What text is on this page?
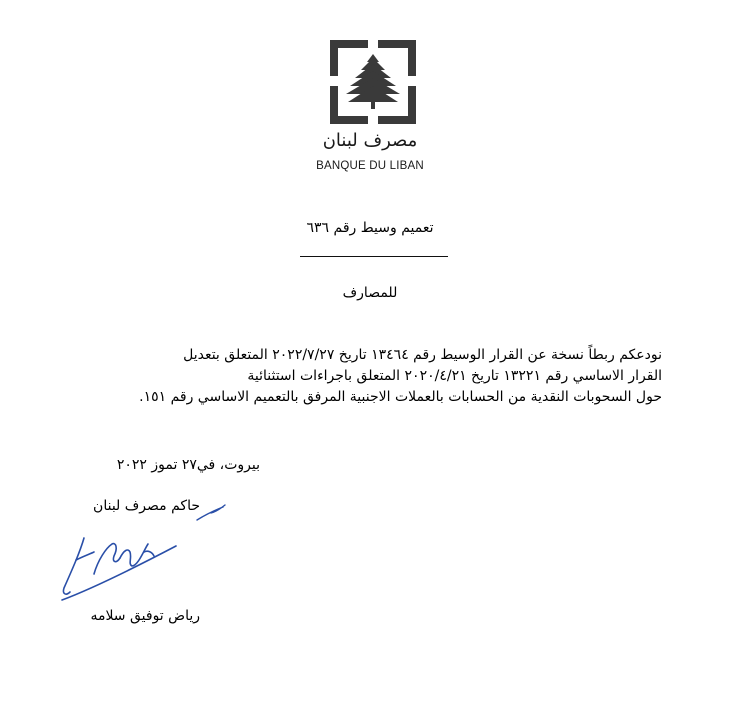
مصرف لبنان
BANQUE DU LIBAN
تعميم وسيط رقم ٦٣٦
للمصارف

نودعكم ربطاً نسخة عن القرار الوسيط رقم ١٣٤٦٤ تاريخ ٢٠٢٢/٧/٢٧ المتعلق بتعديل

القرار الاساسي رقم ١٣٢٢١ تاريخ ٢٠٢٠/٤/٢١ المتعلق باجراءات استثنائية

حول السحوبات النقدية من الحسابات بالعملات الاجنبية المرفق بالتعميم الاساسي رقم ١٥١.

بيروت، في٢٧ تموز ٢٠٢٢
حاكم مصرف لبنان
رياض توفيق سلامه
